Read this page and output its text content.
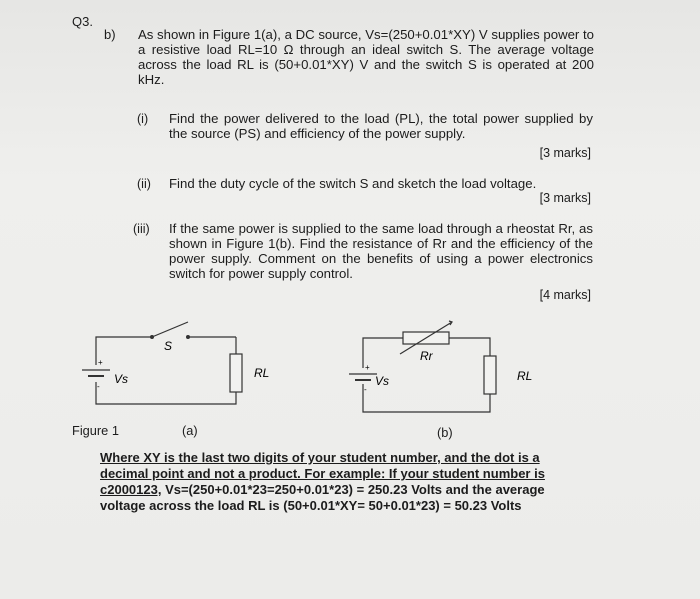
Q3.
b) As shown in Figure 1(a), a DC source, Vs=(250+0.01*XY) V supplies power to a resistive load RL=10 Ω through an ideal switch S. The average voltage across the load RL is (50+0.01*XY) V and the switch S is operated at 200 kHz.
(i) Find the power delivered to the load (PL), the total power supplied by the source (PS) and efficiency of the power supply.
[3 marks]
(ii) Find the duty cycle of the switch S and sketch the load voltage.
[3 marks]
(iii) If the same power is supplied to the same load through a rheostat Rr, as shown in Figure 1(b). Find the resistance of Rr and the efficiency of the power supply. Comment on the benefits of using a power electronics switch for power supply control.
[4 marks]
+
-
Vs
S
RL	+
-
Vs
Rr
RL
Figure 1	(a)	(b)
Where XY is the last two digits of your student number, and the dot is a
decimal point and not a product. For example: If your student number is
c2000123, Vs=(250+0.01*23=250+0.01*23) = 250.23 Volts and the average
voltage across the load RL is (50+0.01*XY= 50+0.01*23) = 50.23 Volts
